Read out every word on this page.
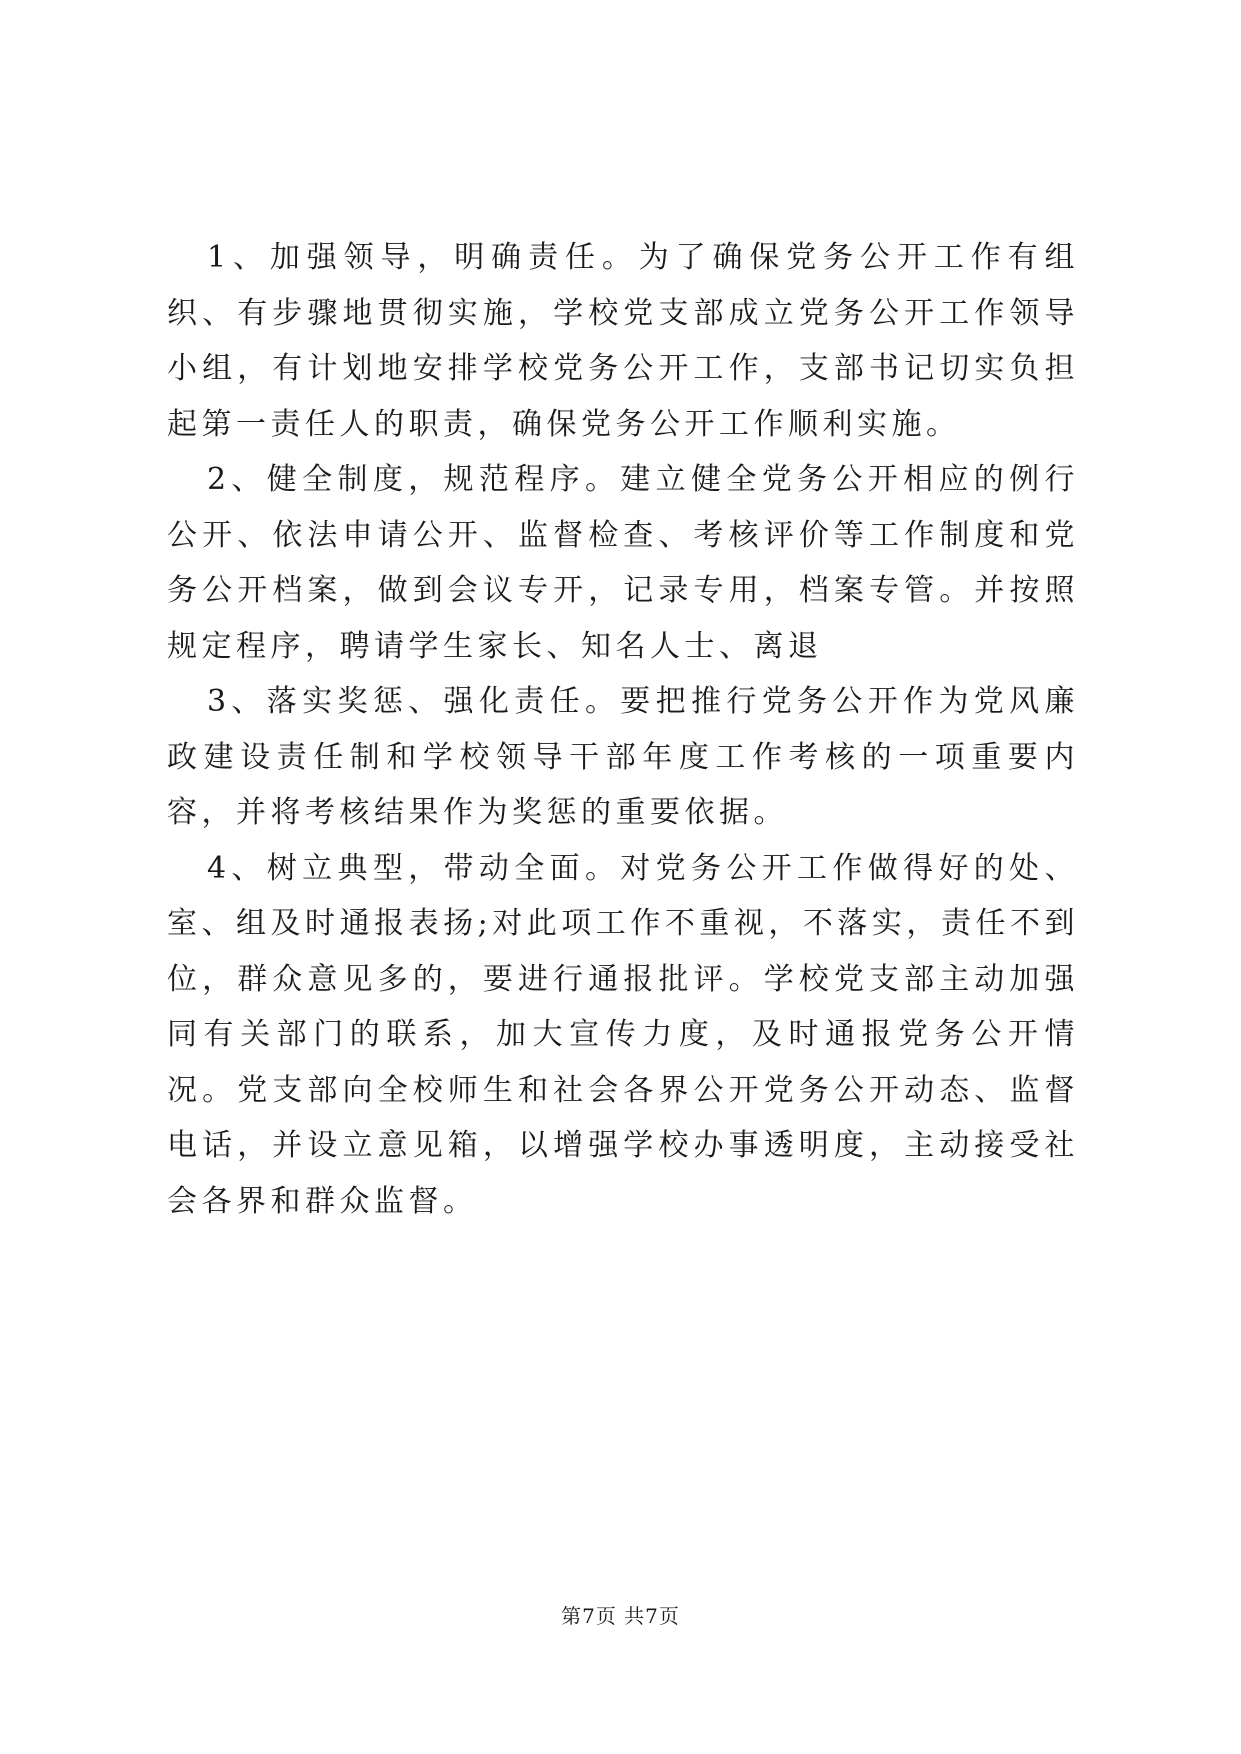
1、加强领导，明确责任。为了确保党务公开工作有组织、有步骤地贯彻实施，学校党支部成立党务公开工作领导小组，有计划地安排学校党务公开工作，支部书记切实负担起第一责任人的职责，确保党务公开工作顺利实施。

2、健全制度，规范程序。建立健全党务公开相应的例行公开、依法申请公开、监督检查、考核评价等工作制度和党务公开档案，做到会议专开，记录专用，档案专管。并按照规定程序，聘请学生家长、知名人士、离退

3、落实奖惩、强化责任。要把推行党务公开作为党风廉政建设责任制和学校领导干部年度工作考核的一项重要内容，并将考核结果作为奖惩的重要依据。

4、树立典型，带动全面。对党务公开工作做得好的处、室、组及时通报表扬;对此项工作不重视，不落实，责任不到位，群众意见多的，要进行通报批评。学校党支部主动加强同有关部门的联系，加大宣传力度，及时通报党务公开情况。党支部向全校师生和社会各界公开党务公开动态、监督电话，并设立意见箱，以增强学校办事透明度，主动接受社会各界和群众监督。

第7页 共7页
